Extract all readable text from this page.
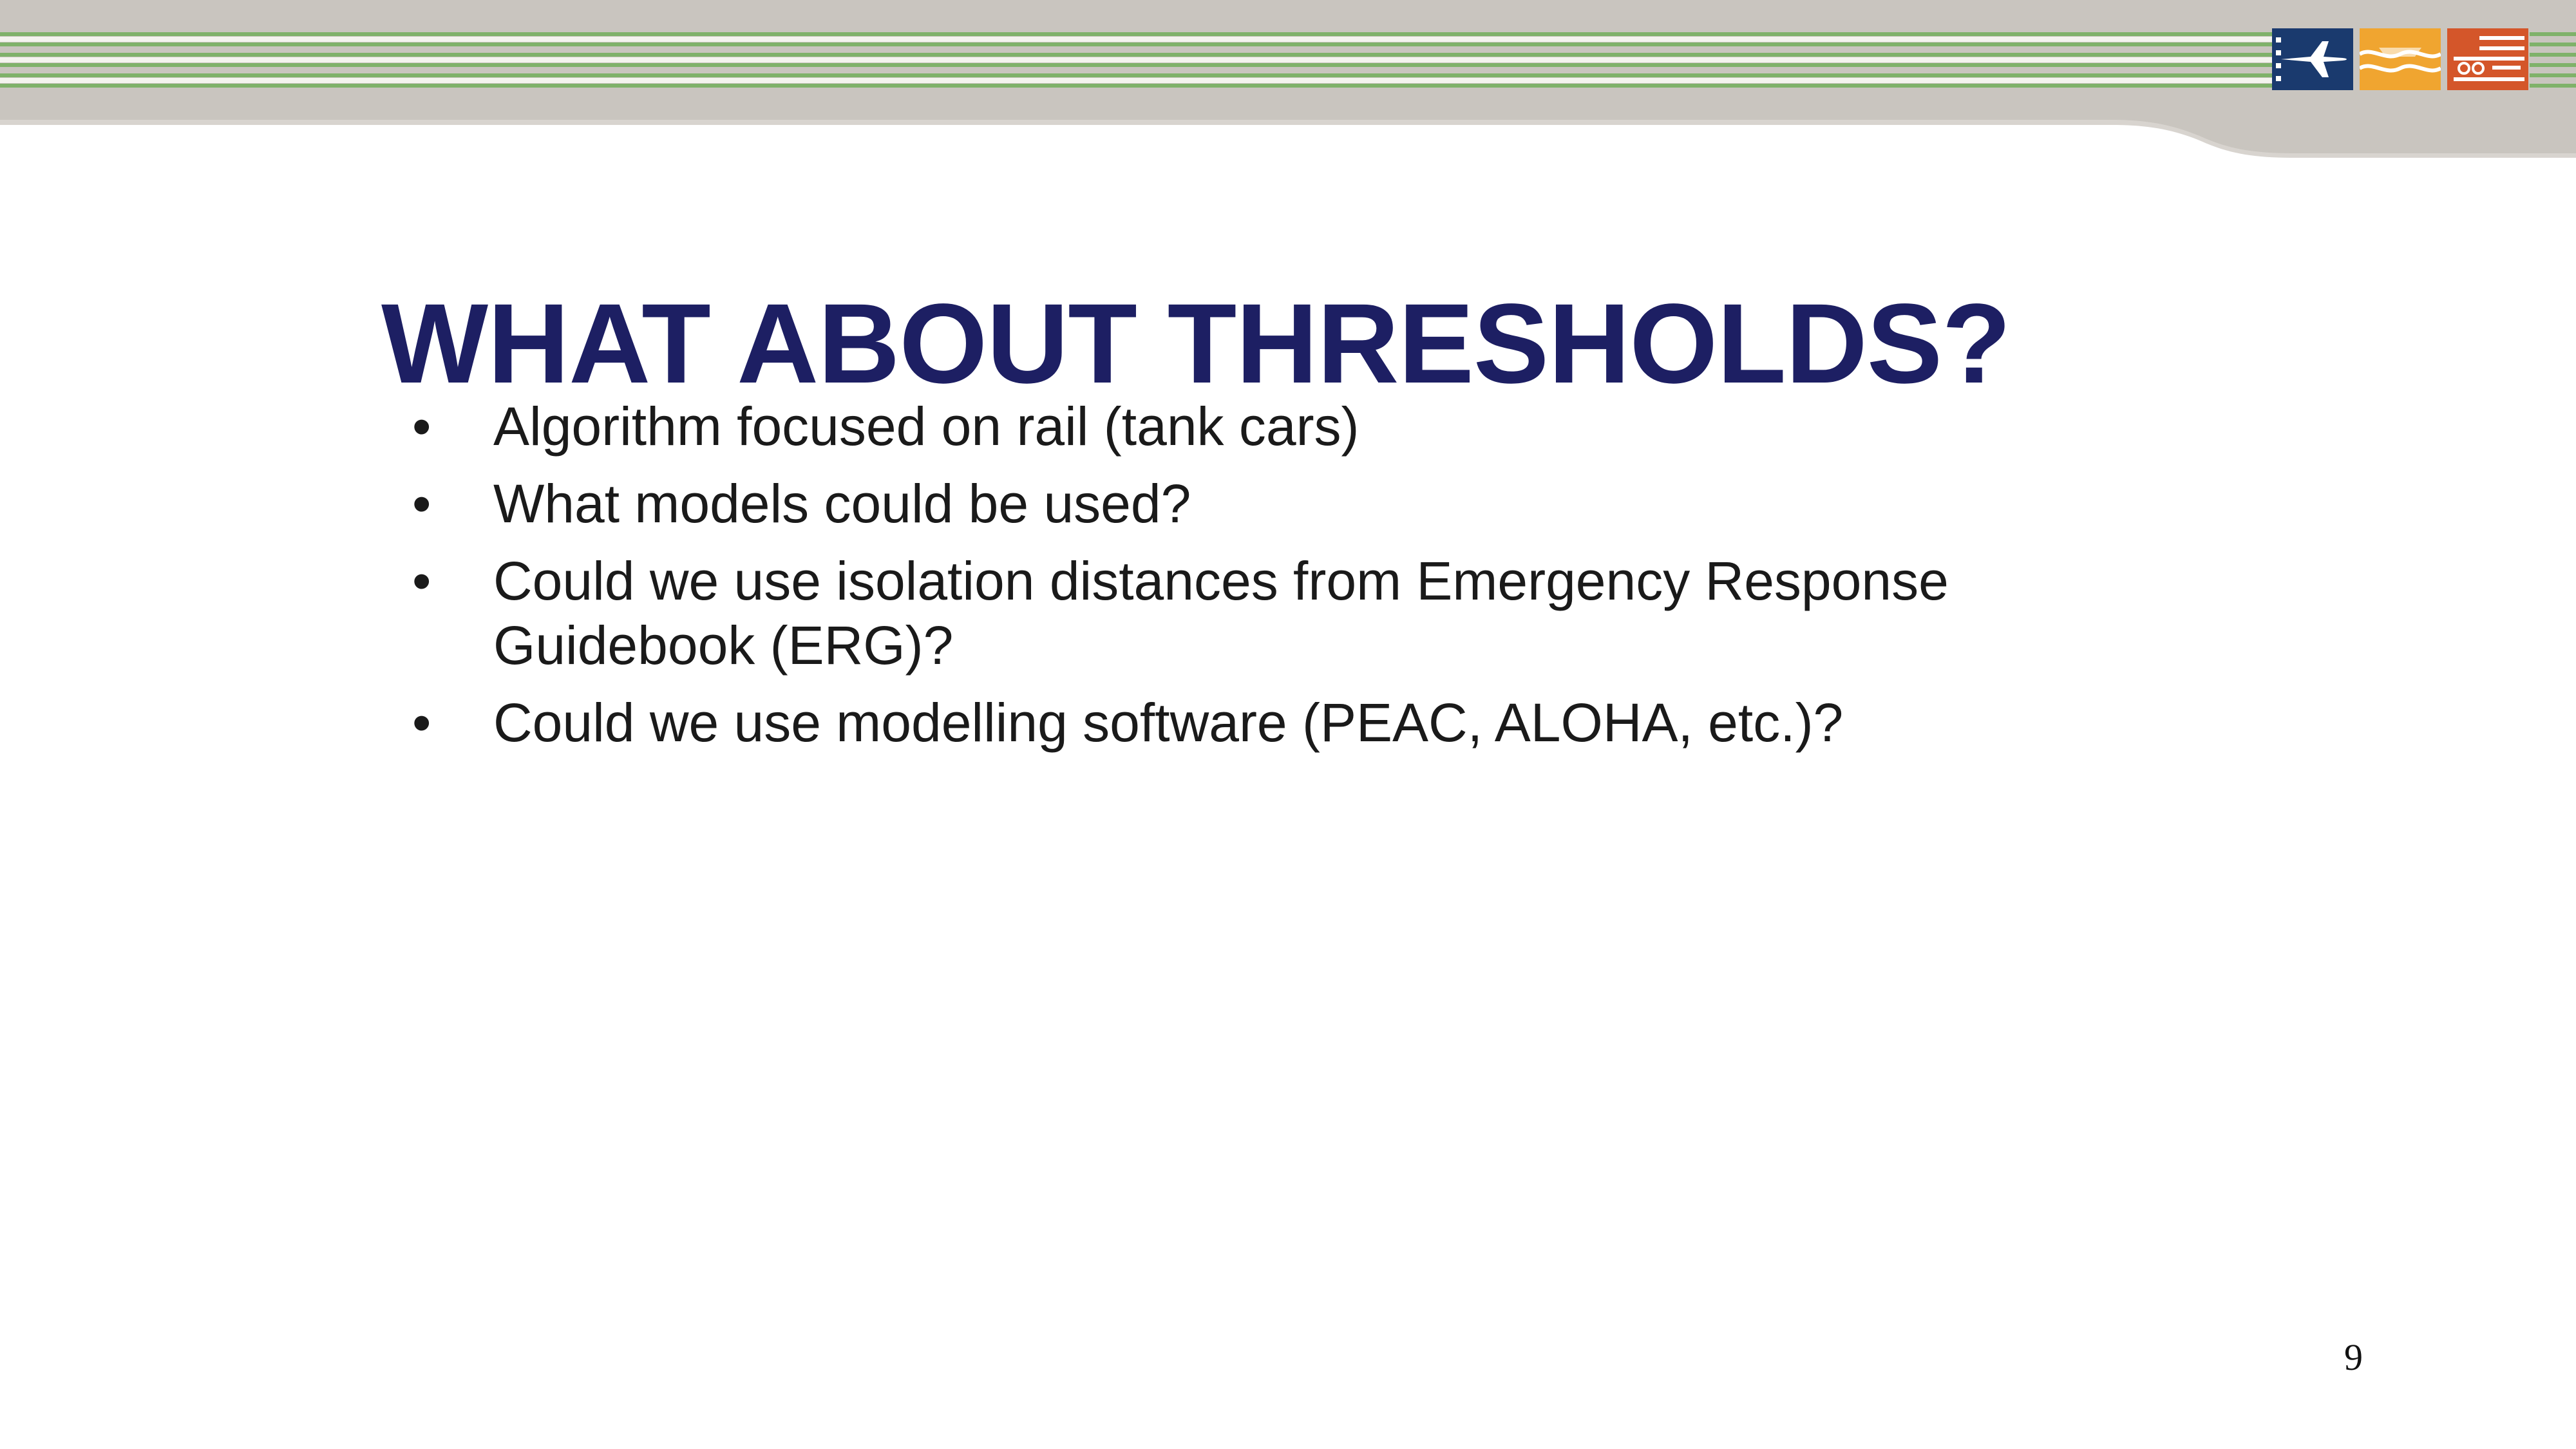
WHAT ABOUT THRESHOLDS?
• Algorithm focused on rail (tank cars)
• What models could be used?
• Could we use isolation distances from Emergency Response Guidebook (ERG)?
• Could we use modelling software (PEAC, ALOHA, etc.)?
9
